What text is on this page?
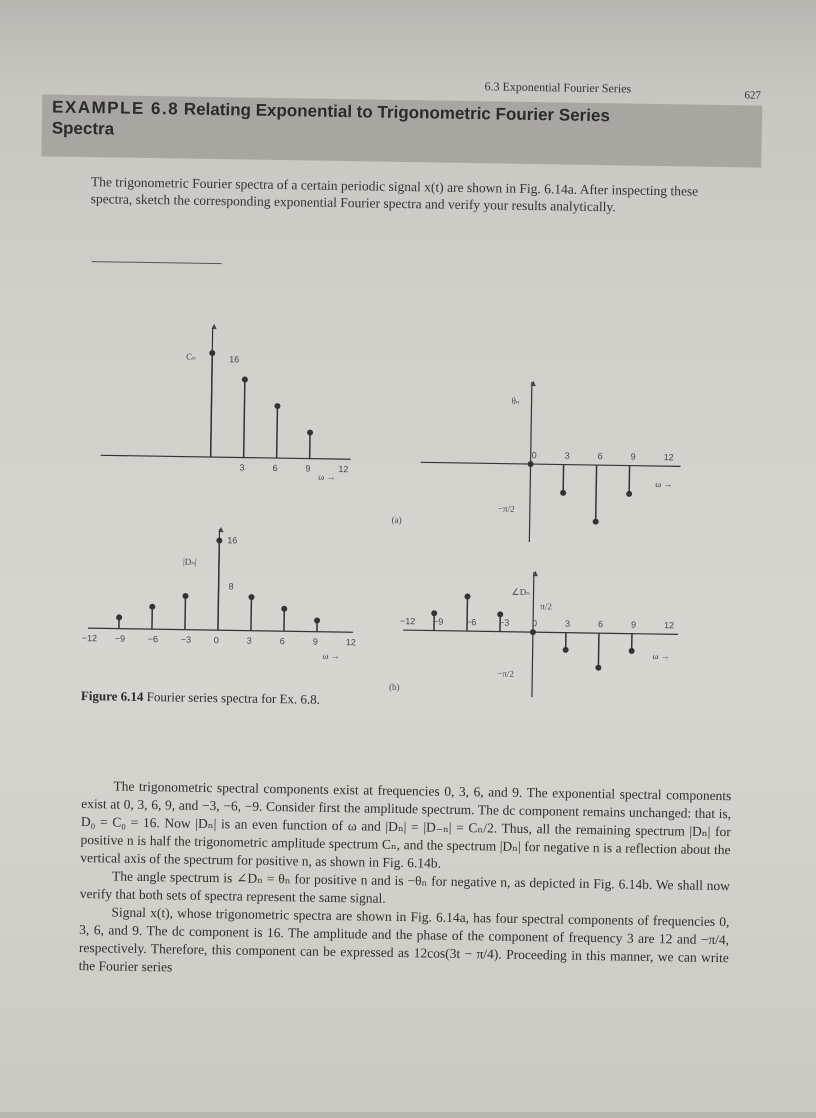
6.3 Exponential Fourier Series	627
EXAMPLE 6.8 Relating Exponential to Trigonometric Fourier Series
Spectra
The trigonometric Fourier spectra of a certain periodic signal x(t) are shown in Fig. 6.14a. After inspecting these spectra, sketch the corresponding exponential Fourier spectra and verify your results analytically.
▲
Cₙ	16
3	6	9	12
ω →
▲
θₙ
−π/2
0	3	6	9	12
ω →
(a)
▲
|Dₙ|
16
8
−12 −9	−6	−3	0	3	6	9	12
ω →
▲
∠Dₙ
π/2
−π/2
−12 −9	−6	−3	0	3	6	9	12
ω →
(b)
Figure 6.14 Fourier series spectra for Ex. 6.8.

The trigonometric spectral components exist at frequencies 0, 3, 6, and 9. The exponential spectral components exist at 0, 3, 6, 9, and −3, −6, −9. Consider first the amplitude spectrum. The dc component remains unchanged: that is, D₀ = C₀ = 16. Now |Dₙ| is an even function of ω and |Dₙ| = |D₋ₙ| = Cₙ/2. Thus, all the remaining spectrum |Dₙ| for positive n is half the trigonometric amplitude spectrum Cₙ, and the spectrum |Dₙ| for negative n is a reflection about the vertical axis of the spectrum for positive n, as shown in Fig. 6.14b.

The angle spectrum is ∠Dₙ = θₙ for positive n and is −θₙ for negative n, as depicted in Fig. 6.14b. We shall now verify that both sets of spectra represent the same signal.

Signal x(t), whose trigonometric spectra are shown in Fig. 6.14a, has four spectral components of frequencies 0, 3, 6, and 9. The dc component is 16. The amplitude and the phase of the component of frequency 3 are 12 and −π/4, respectively. Therefore, this component can be expressed as 12cos(3t − π/4). Proceeding in this manner, we can write the Fourier series
